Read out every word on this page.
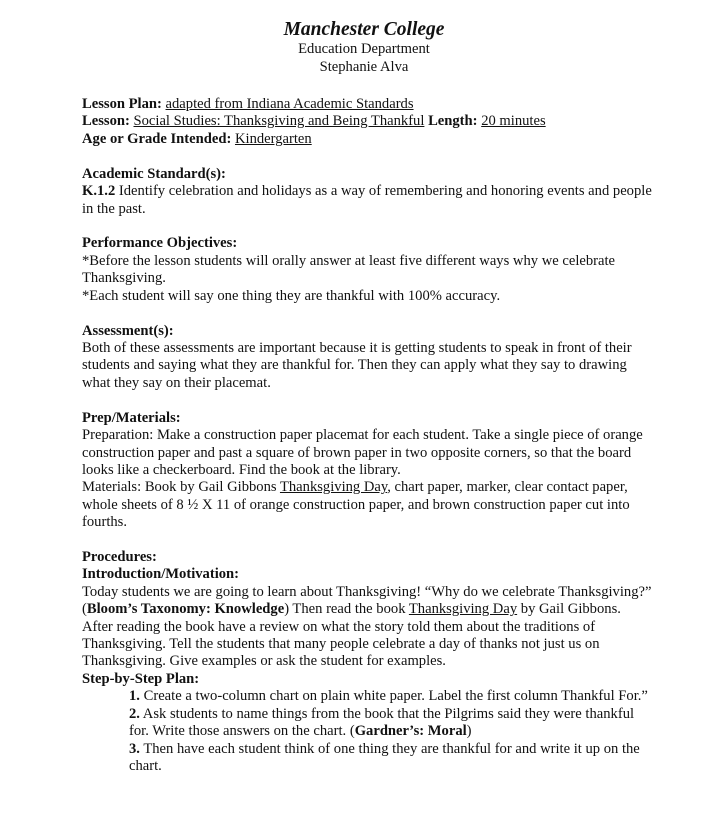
Manchester College
Education Department
Stephanie Alva

Lesson Plan: adapted from Indiana Academic Standards

Lesson: Social Studies: Thanksgiving and Being Thankful Length: 20 minutes

Age or Grade Intended: Kindergarten

Academic Standard(s):

K.1.2 Identify celebration and holidays as a way of remembering and honoring events and people in the past.

Performance Objectives:

*Before the lesson students will orally answer at least five different ways why we celebrate Thanksgiving.

*Each student will say one thing they are thankful with 100% accuracy.

Assessment(s):

Both of these assessments are important because it is getting students to speak in front of their students and saying what they are thankful for. Then they can apply what they say to drawing what they say on their placemat.

Prep/Materials:

Preparation: Make a construction paper placemat for each student. Take a single piece of orange construction paper and past a square of brown paper in two opposite corners, so that the board looks like a checkerboard. Find the book at the library.

Materials: Book by Gail Gibbons Thanksgiving Day, chart paper, marker, clear contact paper, whole sheets of 8 ½ X 11 of orange construction paper, and brown construction paper cut into fourths.

Procedures:

Introduction/Motivation:

Today students we are going to learn about Thanksgiving! “Why do we celebrate Thanksgiving?” (Bloom’s Taxonomy: Knowledge) Then read the book Thanksgiving Day by Gail Gibbons. After reading the book have a review on what the story told them about the traditions of Thanksgiving. Tell the students that many people celebrate a day of thanks not just us on Thanksgiving. Give examples or ask the student for examples.

Step-by-Step Plan:

1. Create a two-column chart on plain white paper. Label the first column Thankful For.”

2. Ask students to name things from the book that the Pilgrims said they were thankful for. Write those answers on the chart. (Gardner’s: Moral)

3. Then have each student think of one thing they are thankful for and write it up on the chart.
